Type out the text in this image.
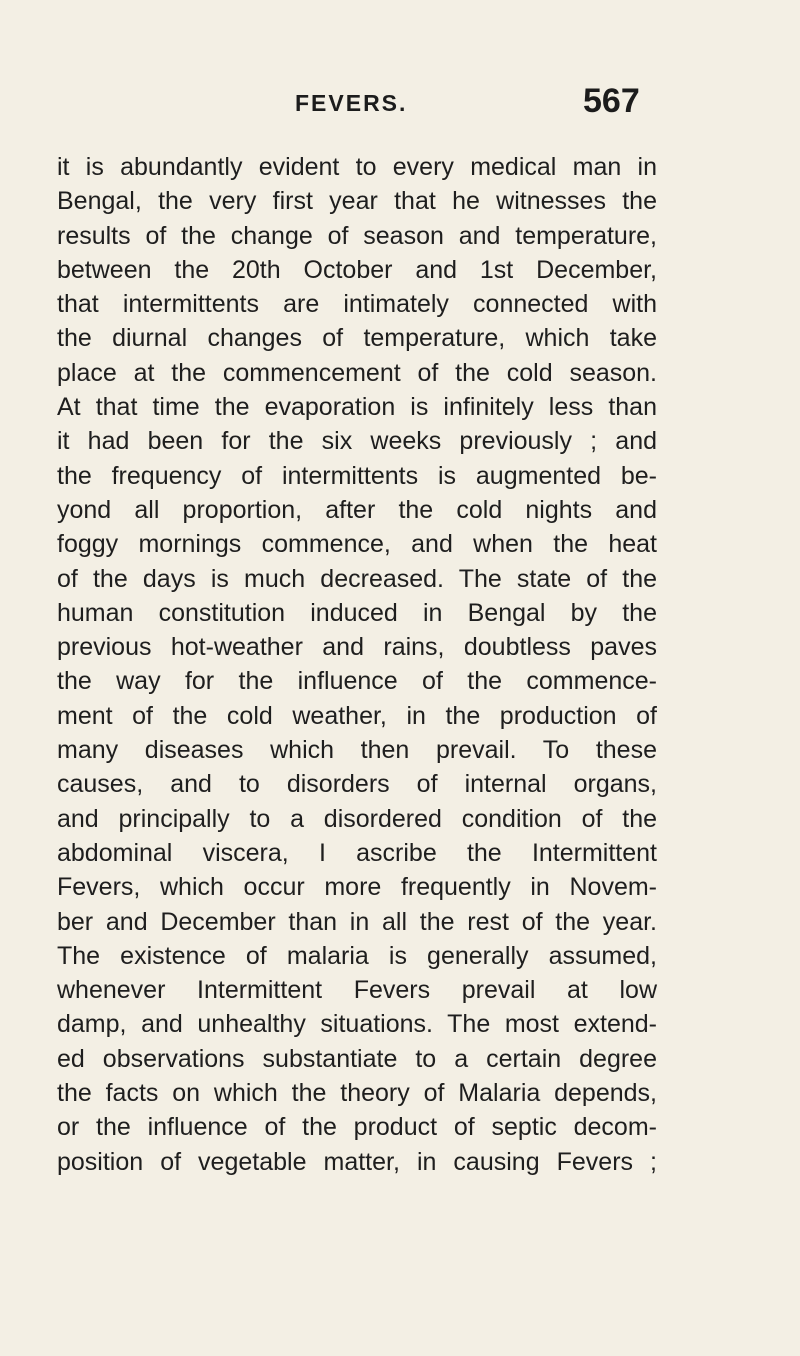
FEVERS.	567
it is abundantly evident to every medical man in
Bengal, the very first year that he witnesses the
results of the change of season and temperature,
between the 20th October and 1st December,
that intermittents are intimately connected with
the diurnal changes of temperature, which take
place at the commencement of the cold season.
At that time the evaporation is infinitely less than
it had been for the six weeks previously ; and
the frequency of intermittents is augmented be-
yond all proportion, after the cold nights and
foggy mornings commence, and when the heat
of the days is much decreased. The state of the
human constitution induced in Bengal by the
previous hot-weather and rains, doubtless paves
the way for the influence of the commence-
ment of the cold weather, in the production of
many diseases which then prevail. To these
causes, and to disorders of internal organs,
and principally to a disordered condition of the
abdominal viscera, I ascribe the Intermittent
Fevers, which occur more frequently in Novem-
ber and December than in all the rest of the year.
The existence of malaria is generally assumed,
whenever Intermittent Fevers prevail at low
damp, and unhealthy situations. The most extend-
ed observations substantiate to a certain degree
the facts on which the theory of Malaria depends,
or the influence of the product of septic decom-
position of vegetable matter, in causing Fevers ;
